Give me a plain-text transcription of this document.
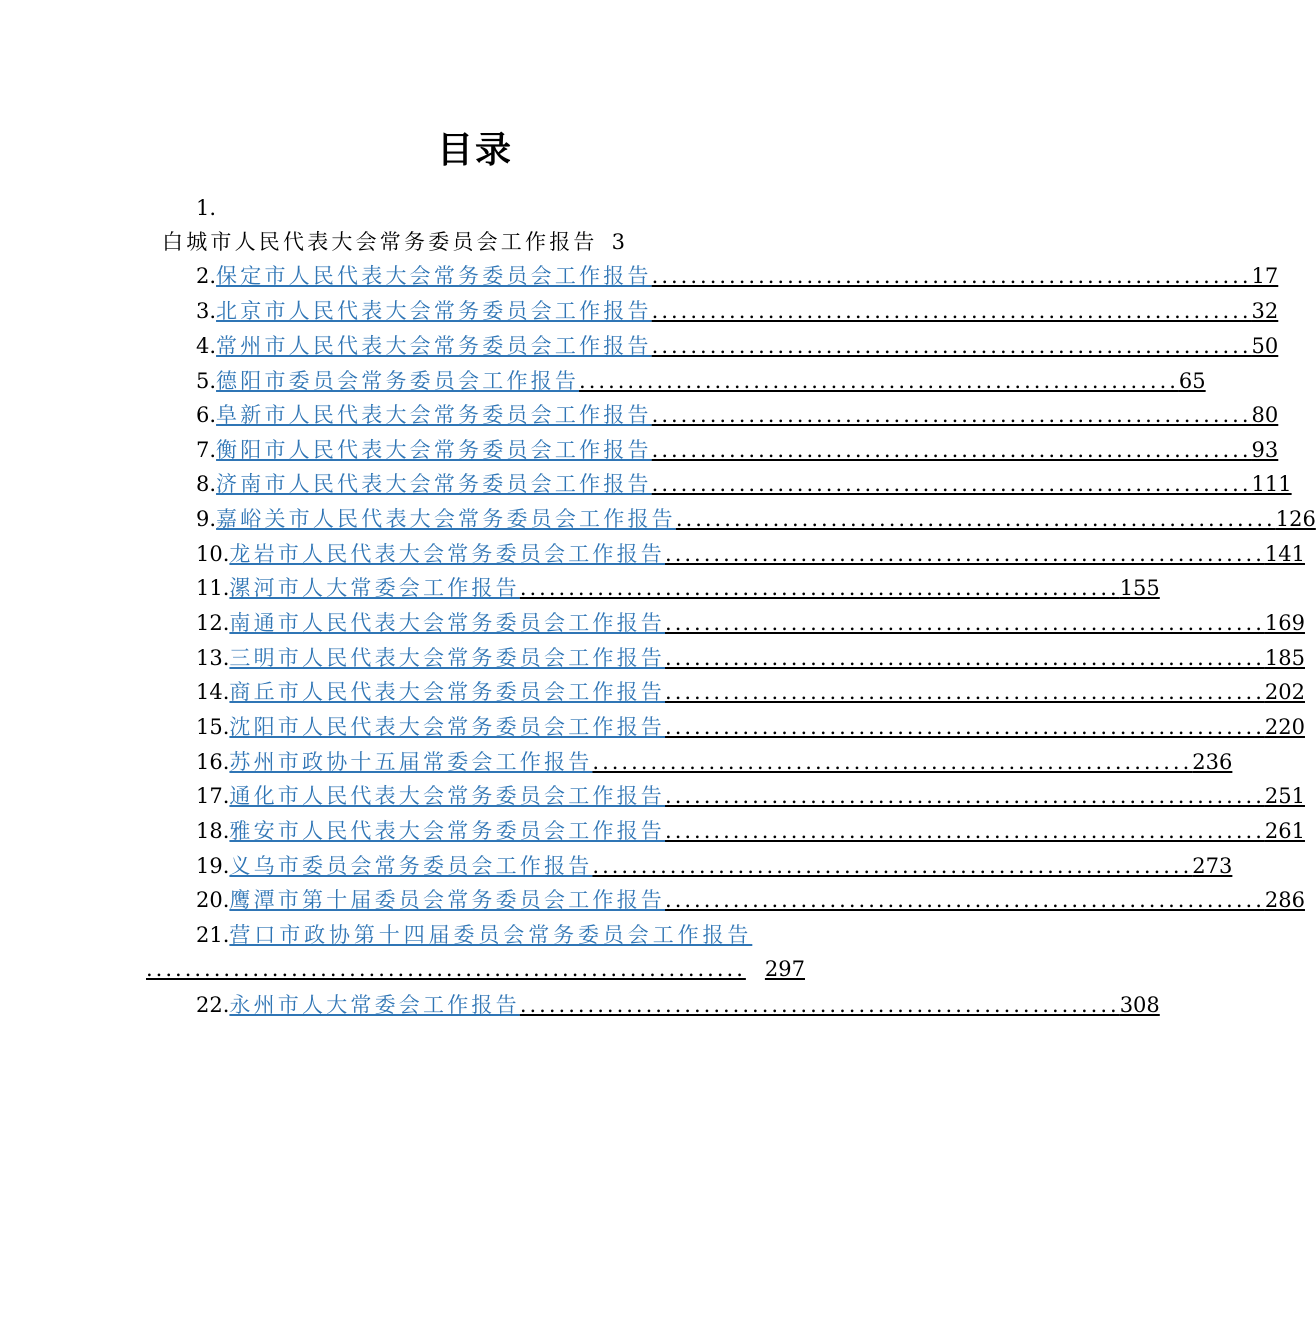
目录
1.
白城市人民代表大会常务委员会工作报告 3
2. 保定市人民代表大会常务委员会工作报告 .............................................................. 17
3. 北京市人民代表大会常务委员会工作报告 .............................................................. 32
4. 常州市人民代表大会常务委员会工作报告 .............................................................. 50
5. 德阳市委员会常务委员会工作报告 .............................................................. 65
6. 阜新市人民代表大会常务委员会工作报告 .............................................................. 80
7. 衡阳市人民代表大会常务委员会工作报告 .............................................................. 93
8. 济南市人民代表大会常务委员会工作报告 .............................................................. 111
9. 嘉峪关市人民代表大会常务委员会工作报告 .............................................................. 126
10. 龙岩市人民代表大会常务委员会工作报告 .............................................................. 141
11. 漯河市人大常委会工作报告 .............................................................. 155
12. 南通市人民代表大会常务委员会工作报告 .............................................................. 169
13. 三明市人民代表大会常务委员会工作报告 .............................................................. 185
14. 商丘市人民代表大会常务委员会工作报告 .............................................................. 202
15. 沈阳市人民代表大会常务委员会工作报告 .............................................................. 220
16. 苏州市政协十五届常委会工作报告 .............................................................. 236
17. 通化市人民代表大会常务委员会工作报告 .............................................................. 251
18. 雅安市人民代表大会常务委员会工作报告 .............................................................. 261
19. 义乌市委员会常务委员会工作报告 .............................................................. 273
20. 鹰潭市第十届委员会常务委员会工作报告 .............................................................. 286
21. 营口市政协第十四届委员会常务委员会工作报告
.............................................................. 297
22. 永州市人大常委会工作报告 .............................................................. 308
